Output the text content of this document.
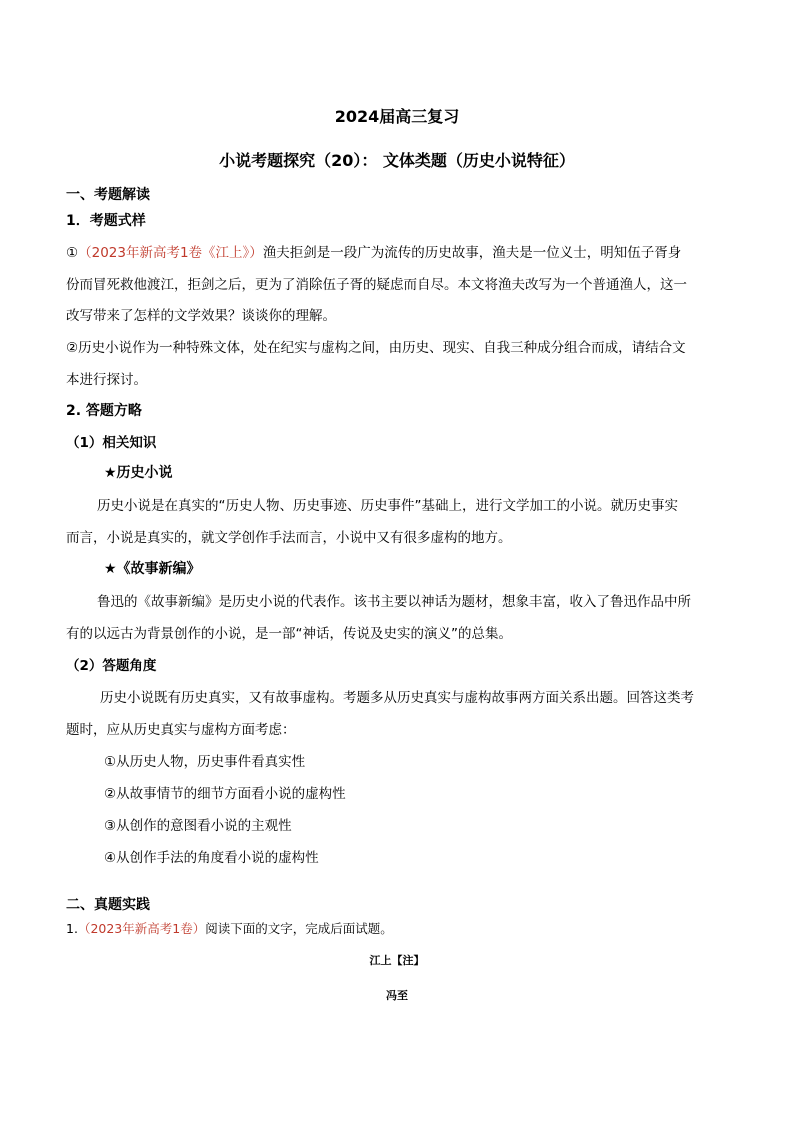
2024届高三复习
小说考题探究（20）： 文体类题（历史小说特征）
一、考题解读
1．考题式样
①（2023年新高考1卷《江上》）渔夫拒剑是一段广为流传的历史故事，渔夫是一位义士，明知伍子胥身
份而冒死救他渡江，拒剑之后，更为了消除伍子胥的疑虑而自尽。本文将渔夫改写为一个普通渔人，这一
改写带来了怎样的文学效果？谈谈你的理解。
②历史小说作为一种特殊文体，处在纪实与虚构之间，由历史、现实、自我三种成分组合而成，请结合文
本进行探讨。
2. 答题方略
（1）相关知识
★历史小说
历史小说是在真实的“历史人物、历史事迹、历史事件”基础上，进行文学加工的小说。就历史事实
而言，小说是真实的，就文学创作手法而言，小说中又有很多虚构的地方。
★《故事新编》
鲁迅的《故事新编》是历史小说的代表作。该书主要以神话为题材，想象丰富，收入了鲁迅作品中所
有的以远古为背景创作的小说，是一部“神话，传说及史实的演义”的总集。
（2）答题角度
历史小说既有历史真实，又有故事虚构。考题多从历史真实与虚构故事两方面关系出题。回答这类考
题时，应从历史真实与虚构方面考虑：
①从历史人物，历史事件看真实性
②从故事情节的细节方面看小说的虚构性
③从创作的意图看小说的主观性
④从创作手法的角度看小说的虚构性
二、真题实践
1.（2023年新高考1卷）阅读下面的文字，完成后面试题。
江上【注】
冯至
